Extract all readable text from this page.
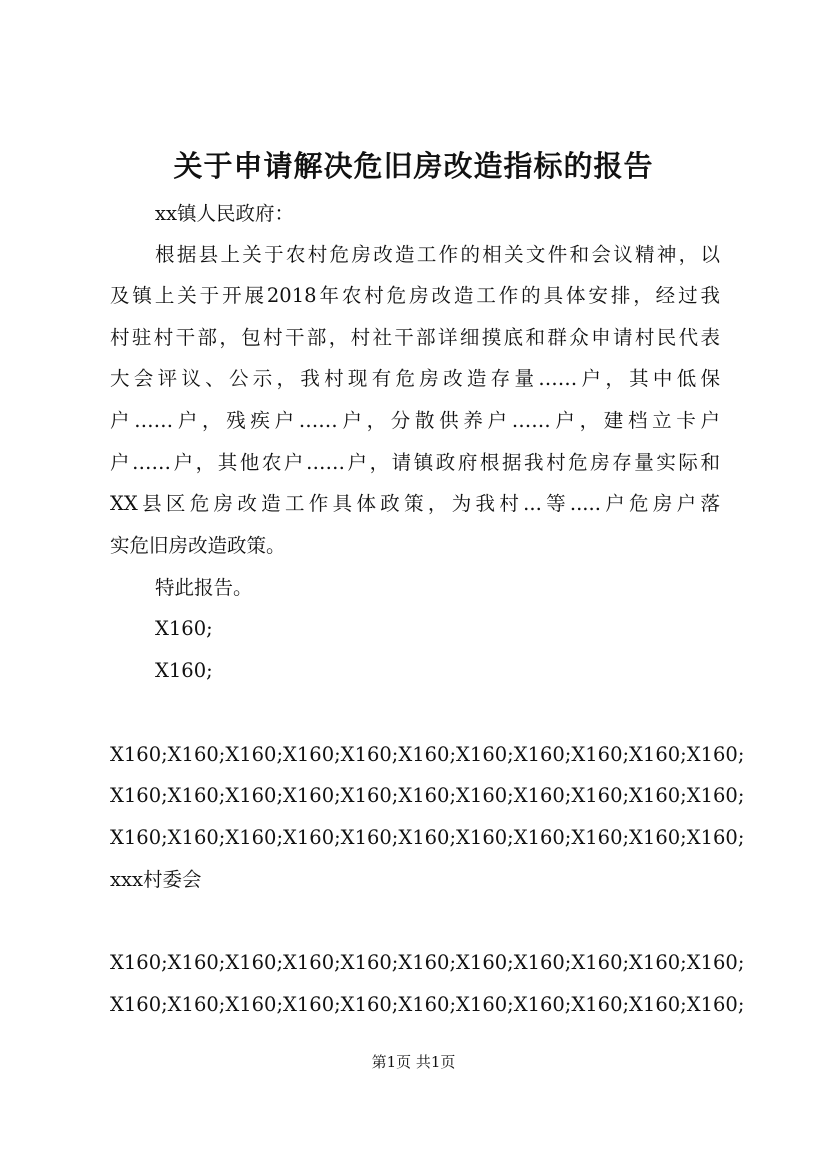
关于申请解决危旧房改造指标的报告
xx镇人民政府：
根据县上关于农村危房改造工作的相关文件和会议精神，以
及镇上关于开展2018年农村危房改造工作的具体安排，经过我
村驻村干部，包村干部，村社干部详细摸底和群众申请村民代表
大会评议、公示，我村现有危房改造存量……户，其中低保
户……户，残疾户……户，分散供养户……户，建档立卡户
户……户，其他农户……户，请镇政府根据我村危房存量实际和
XX县区危房改造工作具体政策，为我村...等.....户危房户落
实危旧房改造政策。
特此报告。
X160;
X160;
X160;X160;X160;X160;X160;X160;X160;X160;X160;X160;X160;
X160;X160;X160;X160;X160;X160;X160;X160;X160;X160;X160;
X160;X160;X160;X160;X160;X160;X160;X160;X160;X160;X160;
xxx村委会
X160;X160;X160;X160;X160;X160;X160;X160;X160;X160;X160;
X160;X160;X160;X160;X160;X160;X160;X160;X160;X160;X160;
第1页 共1页
